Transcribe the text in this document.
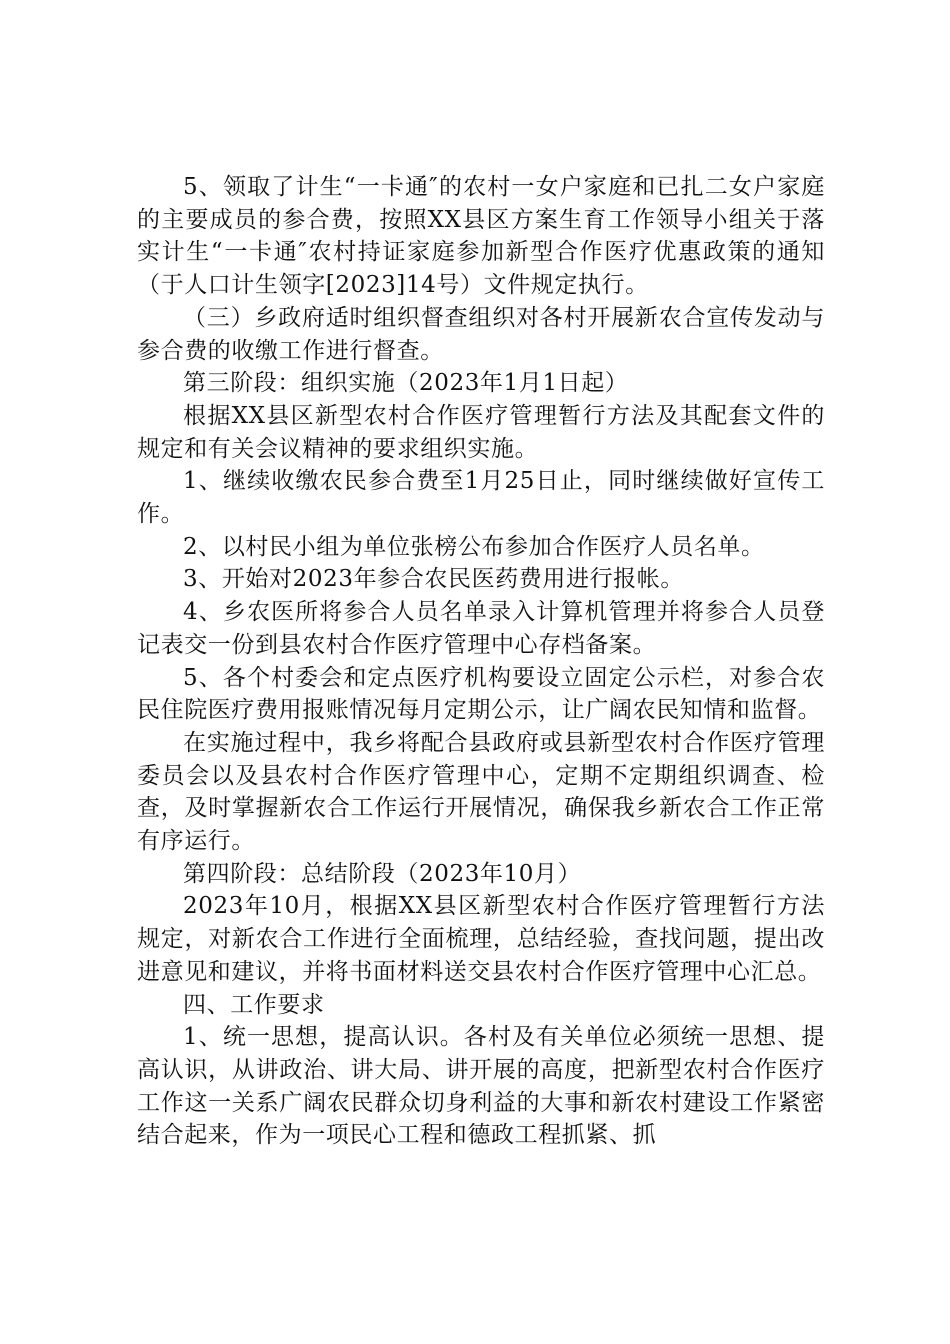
5、领取了计生“一卡通″的农村一女户家庭和已扎二女户家庭的主要成员的参合费，按照XX县区方案生育工作领导小组关于落实计生“一卡通″农村持证家庭参加新型合作医疗优惠政策的通知（于人口计生领字[2023]14号）文件规定执行。

（三）乡政府适时组织督查组织对各村开展新农合宣传发动与参合费的收缴工作进行督查。

第三阶段：组织实施（2023年1月1日起）

根据XX县区新型农村合作医疗管理暂行方法及其配套文件的规定和有关会议精神的要求组织实施。

1、继续收缴农民参合费至1月25日止，同时继续做好宣传工作。

2、以村民小组为单位张榜公布参加合作医疗人员名单。

3、开始对2023年参合农民医药费用进行报帐。

4、乡农医所将参合人员名单录入计算机管理并将参合人员登记表交一份到县农村合作医疗管理中心存档备案。

5、各个村委会和定点医疗机构要设立固定公示栏，对参合农民住院医疗费用报账情况每月定期公示，让广阔农民知情和监督。

在实施过程中，我乡将配合县政府或县新型农村合作医疗管理委员会以及县农村合作医疗管理中心，定期不定期组织调查、检查，及时掌握新农合工作运行开展情况，确保我乡新农合工作正常有序运行。

第四阶段：总结阶段（2023年10月）

2023年10月，根据XX县区新型农村合作医疗管理暂行方法规定，对新农合工作进行全面梳理，总结经验，查找问题，提出改进意见和建议，并将书面材料送交县农村合作医疗管理中心汇总。

四、工作要求

1、统一思想，提高认识。各村及有关单位必须统一思想、提高认识，从讲政治、讲大局、讲开展的高度，把新型农村合作医疗工作这一关系广阔农民群众切身利益的大事和新农村建设工作紧密结合起来，作为一项民心工程和德政工程抓紧、抓
